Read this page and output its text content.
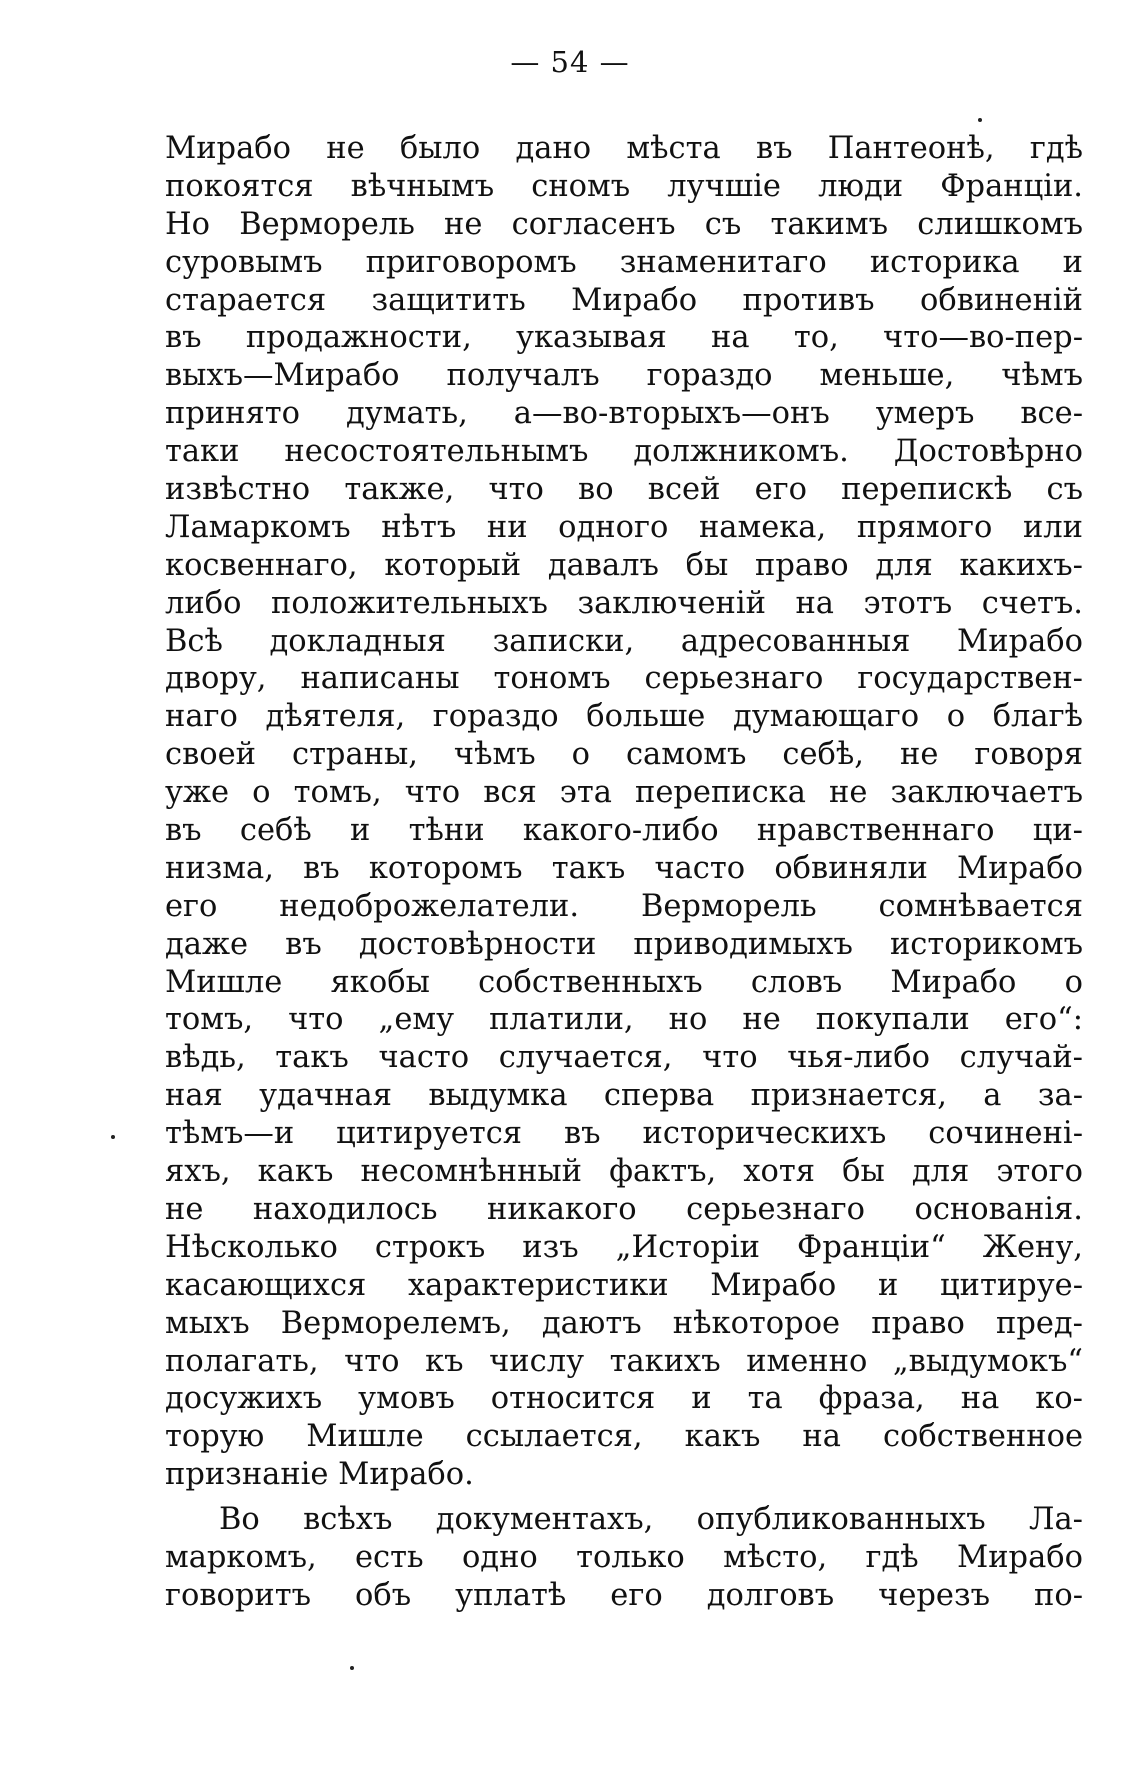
— 54 —
Мирабо не было дано мѣста въ Пантеонѣ, гдѣ
покоятся вѣчнымъ сномъ лучшіе люди Франціи.
Но Верморель не согласенъ съ такимъ слишкомъ
суровымъ приговоромъ знаменитаго историка и
старается защитить Мирабо противъ обвиненій
въ продажности, указывая на то, что—во-пер-
выхъ—Мирабо получалъ гораздо меньше, чѣмъ
принято думать, а—во-вторыхъ—онъ умеръ все-
таки несостоятельнымъ должникомъ. Достовѣрно
извѣстно также, что во всей его перепискѣ съ
Ламаркомъ нѣтъ ни одного намека, прямого или
косвеннаго, который давалъ бы право для какихъ-
либо положительныхъ заключеній на этотъ счетъ.
Всѣ докладныя записки, адресованныя Мирабо
двору, написаны тономъ серьезнаго государствен-
наго дѣятеля, гораздо больше думающаго о благѣ
своей страны, чѣмъ о самомъ себѣ, не говоря
уже о томъ, что вся эта переписка не заключаетъ
въ себѣ и тѣни какого-либо нравственнаго ци-
низма, въ которомъ такъ часто обвиняли Мирабо
его недоброжелатели. Верморель сомнѣвается
даже въ достовѣрности приводимыхъ историкомъ
Мишле якобы собственныхъ словъ Мирабо о
томъ, что „ему платили, но не покупали его“:
вѣдь, такъ часто случается, что чья-либо случай-
ная удачная выдумка сперва признается, а за-
тѣмъ—и цитируется въ историческихъ сочинені-
яхъ, какъ несомнѣнный фактъ, хотя бы для этого
не находилось никакого серьезнаго основанія.
Нѣсколько строкъ изъ „Исторіи Франціи“ Жену,
касающихся характеристики Мирабо и цитируе-
мыхъ Верморелемъ, даютъ нѣкоторое право пред-
полагать, что къ числу такихъ именно „выдумокъ“
досужихъ умовъ относится и та фраза, на ко-
торую Мишле ссылается, какъ на собственное
признаніе Мирабо.
Во всѣхъ документахъ, опубликованныхъ Ла-
маркомъ, есть одно только мѣсто, гдѣ Мирабо
говоритъ объ уплатѣ его долговъ черезъ по-
